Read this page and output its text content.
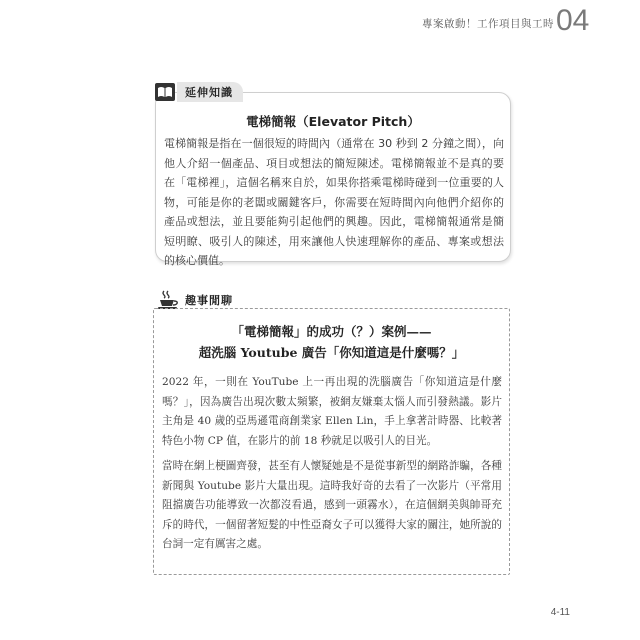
專案啟動！工作項目與工時 04
延伸知識
電梯簡報（Elevator Pitch）
電梯簡報是指在一個很短的時間內（通常在 30 秒到 2 分鐘之間），向他人介紹一個產品、項目或想法的簡短陳述。電梯簡報並不是真的要在「電梯裡」，這個名稱來自於，如果你搭乘電梯時碰到一位重要的人物，可能是你的老闆或關鍵客戶，你需要在短時間內向他們介紹你的產品或想法，並且要能夠引起他們的興趣。因此，電梯簡報通常是簡短明瞭、吸引人的陳述，用來讓他人快速理解你的產品、專案或想法的核心價值。
趣事閒聊
「電梯簡報」的成功（？）案例——
超洗腦 Youtube 廣告「你知道這是什麼嗎？」
2022 年，一則在 YouTube 上一再出現的洗腦廣告「你知道這是什麼嗎？」，因為廣告出現次數太頻繁，被網友嫌棄太惱人而引發熱議。影片主角是 40 歲的亞馬遜電商創業家 Ellen Lin，手上拿著計時器、比較著特色小物 CP 值，在影片的前 18 秒就足以吸引人的目光。
當時在網上梗圖齊發，甚至有人懷疑她是不是從事新型的網路詐騙，各種新聞與 Youtube 影片大量出現。這時我好奇的去看了一次影片（平常用阻擋廣告功能導致一次都沒看過，感到一頭霧水），在這個網美與帥哥充斥的時代，一個留著短髮的中性亞裔女子可以獲得大家的關注，她所說的台詞一定有厲害之處。
4-11
